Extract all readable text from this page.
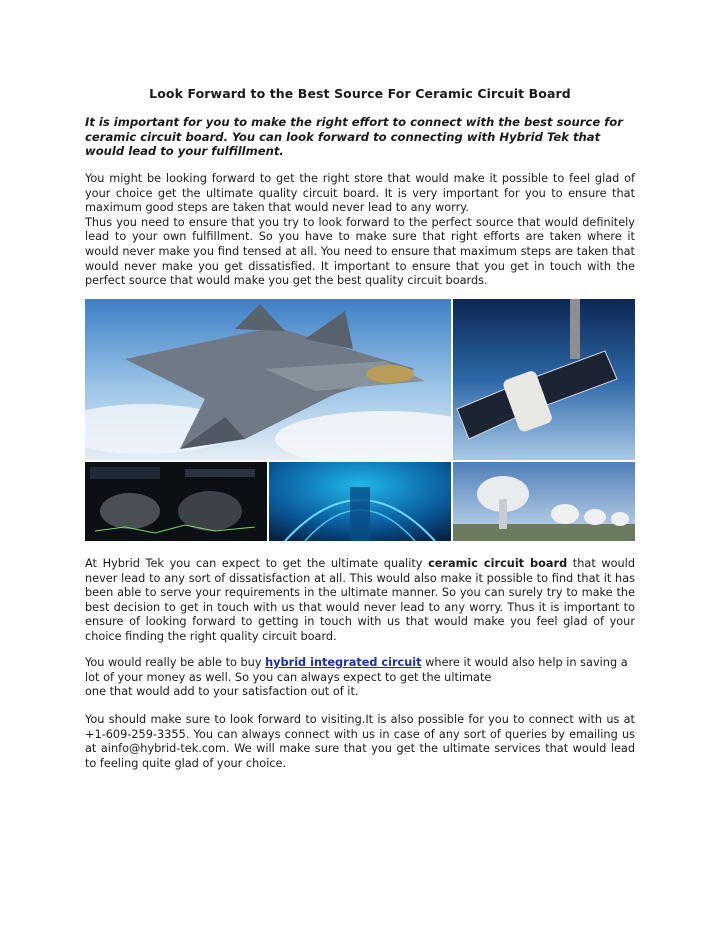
Look Forward to the Best Source For Ceramic Circuit Board
It is important for you to make the right effort to connect with the best source for ceramic circuit board. You can look forward to connecting with Hybrid Tek that would lead to your fulfillment.
You might be looking forward to get the right store that would make it possible to feel glad of your choice get the ultimate quality circuit board. It is very important for you to ensure that maximum good steps are taken that would never lead to any worry.
Thus you need to ensure that you try to look forward to the perfect source that would definitely lead to your own fulfillment. So you have to make sure that right efforts are taken where it would never make you find tensed at all. You need to ensure that maximum steps are taken that would never make you get dissatisfied. It important to ensure that you get in touch with the perfect source that would make you get the best quality circuit boards.
At Hybrid Tek you can expect to get the ultimate quality ceramic circuit board that would never lead to any sort of dissatisfaction at all. This would also make it possible to find that it has been able to serve your requirements in the ultimate manner. So you can surely try to make the best decision to get in touch with us that would never lead to any worry. Thus it is important to ensure of looking forward to getting in touch with us that would make you feel glad of your choice finding the right quality circuit board.
You would really be able to buy hybrid integrated circuit where it would also help in saving a lot of your money as well. So you can always expect to get the ultimate
one that would add to your satisfaction out of it.
You should make sure to look forward to visiting.It is also possible for you to connect with us at +1-609-259-3355. You can always connect with us in case of any sort of queries by emailing us at ainfo@hybrid-tek.com. We will make sure that you get the ultimate services that would lead to feeling quite glad of your choice.
